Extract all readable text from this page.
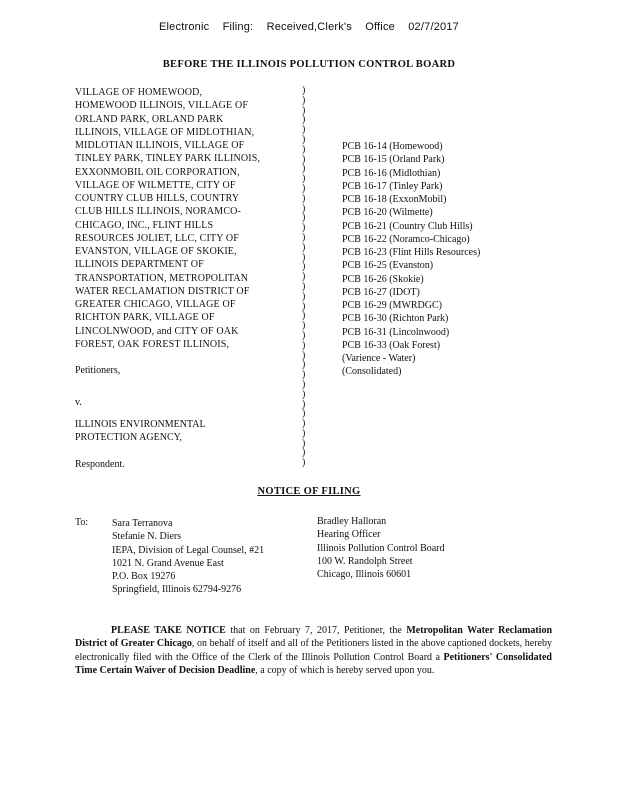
Electronic Filing: Received,Clerk's Office 02/7/2017
BEFORE THE ILLINOIS POLLUTION CONTROL BOARD
VILLAGE OF HOMEWOOD,
HOMEWOOD ILLINOIS, VILLAGE OF
ORLAND PARK, ORLAND PARK
ILLINOIS, VILLAGE OF MIDLOTHIAN,
MIDLOTIAN ILLINOIS, VILLAGE OF
TINLEY PARK, TINLEY PARK ILLINOIS,
EXXONMOBIL OIL CORPORATION,
VILLAGE OF WILMETTE, CITY OF
COUNTRY CLUB HILLS, COUNTRY
CLUB HILLS ILLINOIS, NORAMCO-
CHICAGO, INC., FLINT HILLS
RESOURCES JOLIET, LLC, CITY OF
EVANSTON, VILLAGE OF SKOKIE,
ILLINOIS DEPARTMENT OF
TRANSPORTATION, METROPOLITAN
WATER RECLAMATION DISTRICT OF
GREATER CHICAGO, VILLAGE OF
RICHTON PARK, VILLAGE OF
LINCOLNWOOD, and CITY OF OAK
FOREST, OAK FOREST ILLINOIS,
)
)
)
)
)
)
)
)
)
)
)
)
)
)
)
)
)
)
)
)
)
)
)
)
)
)
)
)
)
)
)
)
)
)
)
)
)
)
)
PCB 16-14 (Homewood)
PCB 16-15 (Orland Park)
PCB 16-16 (Midlothian)
PCB 16-17 (Tinley Park)
PCB 16-18 (ExxonMobil)
PCB 16-20 (Wilmette)
PCB 16-21 (Country Club Hills)
PCB 16-22 (Noramco-Chicago)
PCB 16-23 (Flint Hills Resources)
PCB 16-25 (Evanston)
PCB 16-26 (Skokie)
PCB 16-27 (IDOT)
PCB 16-29 (MWRDGC)
PCB 16-30 (Richton Park)
PCB 16-31 (Lincolnwood)
PCB 16-33 (Oak Forest)
(Varience - Water)
(Consolidated)
Petitioners,
v.
ILLINOIS ENVIRONMENTAL
PROTECTION AGENCY,
Respondent.
NOTICE OF FILING
To: Sara Terranova
Stefanie N. Diers
IEPA, Division of Legal Counsel, #21
1021 N. Grand Avenue East
P.O. Box 19276
Springfield, Illinois 62794-9276
Bradley Halloran
Hearing Officer
Illinois Pollution Control Board
100 W. Randolph Street
Chicago, Illinois 60601
PLEASE TAKE NOTICE that on February 7, 2017, Petitioner, the Metropolitan Water Reclamation District of Greater Chicago, on behalf of itself and all of the Petitioners listed in the above captioned dockets, hereby electronically filed with the Office of the Clerk of the Illinois Pollution Control Board a Petitioners' Consolidated Time Certain Waiver of Decision Deadline, a copy of which is hereby served upon you.
